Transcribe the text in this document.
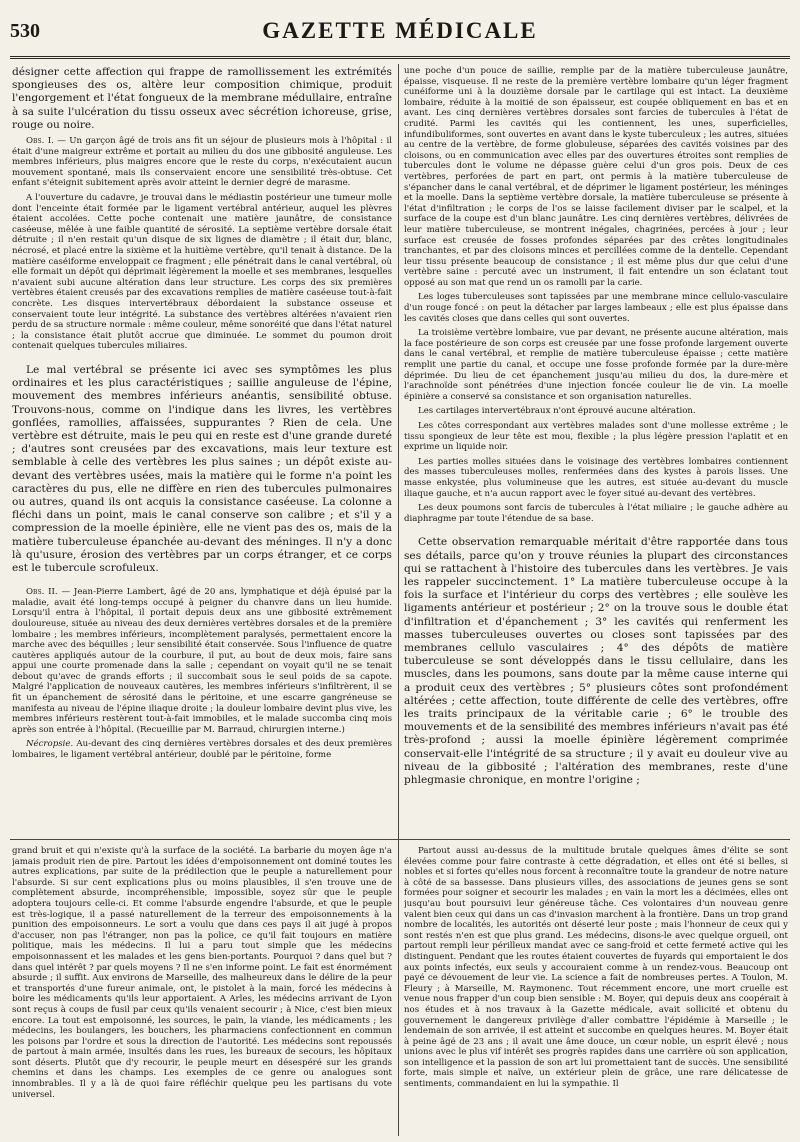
530	GAZETTE MÉDICALE

désigner cette affection qui frappe de ramollissement les extrémités spongieuses des os, altère leur composition chimique, produit l'engorgement et l'état fongueux de la membrane médullaire, entraîne à sa suite l'ulcération du tissu osseux avec sécrétion ichoreuse, grise, rouge ou noire.

Obs. I. — Un garçon âgé de trois ans fit un séjour de plusieurs mois à l'hôpital : il était d'une maigreur extrême et portait au milieu du dos une gibbosité anguleuse. Les membres inférieurs, plus maigres encore que le reste du corps, n'exécutaient aucun mouvement spontané, mais ils conservaient encore une sensibilité très-obtuse. Cet enfant s'éteignit subitement après avoir atteint le dernier degré de marasme.

A l'ouverture du cadavre, je trouvai dans le médiastin postérieur une tumeur molle dont l'enceinte était formée par le ligament vertébral antérieur, auquel les plèvres étaient accolées. Cette poche contenait une matière jaunâtre, de consistance caséeuse, mêlée à une faible quantité de sérosité. La septième vertèbre dorsale était détruite ; il n'en restait qu'un disque de six lignes de diamètre ; il était dur, blanc, nécrosé, et placé entre la sixième et la huitième vertèbre, qu'il tenait à distance. De la matière caséiforme enveloppait ce fragment ; elle pénétrait dans le canal vertébral, où elle formait un dépôt qui déprimait légèrement la moelle et ses membranes, lesquelles n'avaient subi aucune altération dans leur structure. Les corps des six premières vertèbres étaient creusés par des excavations remplies de matière caséeuse tout-à-fait concrète. Les disques intervertébraux débordaient la substance osseuse et conservaient toute leur intégrité. La substance des vertèbres altérées n'avaient rien perdu de sa structure normale : même couleur, même sonoréité que dans l'état naturel ; la consistance était plutôt accrue que diminuée. Le sommet du poumon droit contenait quelques tubercules miliaires.

Le mal vertébral se présente ici avec ses symptômes les plus ordinaires et les plus caractéristiques ; saillie anguleuse de l'épine, mouvement des membres inférieurs anéantis, sensibilité obtuse. Trouvons-nous, comme on l'indique dans les livres, les vertèbres gonflées, ramollies, affaissées, suppurantes ? Rien de cela. Une vertèbre est détruite, mais le peu qui en reste est d'une grande dureté ; d'autres sont creusées par des excavations, mais leur texture est semblable à celle des vertèbres les plus saines ; un dépôt existe au-devant des vertèbres usées, mais la matière qui le forme n'a point les caractères du pus, elle ne diffère en rien des tubercules pulmonaires ou autres, quand ils ont acquis la consistance caséeuse. La colonne a fléchi dans un point, mais le canal conserve son calibre ; et s'il y a compression de la moelle épinière, elle ne vient pas des os, mais de la matière tuberculeuse épanchée au-devant des méninges. Il n'y a donc là qu'usure, érosion des vertèbres par un corps étranger, et ce corps est le tubercule scrofuleux.

Obs. II. — Jean-Pierre Lambert, âgé de 20 ans, lymphatique et déjà épuisé par la maladie, avait été long-temps occupé à peigner du chanvre dans un lieu humide. Lorsqu'il entra à l'hôpital, il portait depuis deux ans une gibbosité extrêmement douloureuse, située au niveau des deux dernières vertèbres dorsales et de la première lombaire ; les membres inférieurs, incomplètement paralysés, permettaient encore la marche avec des béquilles ; leur sensibilité était conservée. Sous l'influence de quatre cautères appliqués autour de la courbure, il put, au bout de deux mois, faire sans appui une courte promenade dans la salle ; cependant on voyait qu'il ne se tenait debout qu'avec de grands efforts ; il succombait sous le seul poids de sa capote. Malgré l'application de nouveaux cautères, les membres inférieurs s'infiltrèrent, il se fit un épanchement de sérosité dans le péritoine, et une escarre gangréneuse se manifesta au niveau de l'épine iliaque droite ; la douleur lombaire devint plus vive, les membres inférieurs restèrent tout-à-fait immobiles, et le malade succomba cinq mois après son entrée à l'hôpital. (Recueillie par M. Barraud, chirurgien interne.)

Nécropsie. Au-devant des cinq dernières vertèbres dorsales et des deux premières lombaires, le ligament vertébral antérieur, doublé par le péritoine, forme

une poche d'un pouce de saillie, remplie par de la matière tuberculeuse jaunâtre, épaisse, visqueuse. Il ne reste de la première vertèbre lombaire qu'un léger fragment cunéiforme uni à la douzième dorsale par le cartilage qui est intact. La deuxième lombaire, réduite à la moitié de son épaisseur, est coupée obliquement en bas et en avant. Les cinq dernières vertèbres dorsales sont farcies de tubercules à l'état de crudité. Parmi les cavités qui les contiennent, les unes, superficielles, infundibuliformes, sont ouvertes en avant dans le kyste tuberculeux ; les autres, situées au centre de la vertèbre, de forme globuleuse, séparées des cavités voisines par des cloisons, ou en communication avec elles par des ouvertures étroites sont remplies de tubercules dont le volume ne dépasse guère celui d'un gros pois. Deux de ces vertèbres, perforées de part en part, ont permis à la matière tuberculeuse de s'épancher dans le canal vertébral, et de déprimer le ligament postérieur, les méninges et la moelle. Dans la septième vertèbre dorsale, la matière tuberculeuse se présente à l'état d'infiltration ; le corps de l'os se laisse facilement diviser par le scalpel, et la surface de la coupe est d'un blanc jaunâtre. Les cinq dernières vertèbres, délivrées de leur matière tuberculeuse, se montrent inégales, chagrinées, percées à jour ; leur surface est creusée de fosses profondes séparées par des crêtes longitudinales tranchantes, et par des cloisons minces et percillées comme de la dentelle. Cependant leur tissu présente beaucoup de consistance ; il est même plus dur que celui d'une vertèbre saine : percuté avec un instrument, il fait entendre un son éclatant tout opposé au son mat que rend un os ramolli par la carie.

Les loges tuberculeuses sont tapissées par une membrane mince cellulo-vasculaire d'un rouge foncé : on peut la détacher par larges lambeaux ; elle est plus épaisse dans les cavités closes que dans celles qui sont ouvertes.

La troisième vertèbre lombaire, vue par devant, ne présente aucune altération, mais la face postérieure de son corps est creusée par une fosse profonde largement ouverte dans le canal vertébral, et remplie de matière tuberculeuse épaisse ; cette matière remplit une partie du canal, et occupe une fosse profonde formée par la dure-mère déprimée. Du lieu de cet épanchement jusqu'au milieu du dos, la dure-mère et l'arachnoïde sont pénétrées d'une injection foncée couleur lie de vin. La moelle épinière a conservé sa consistance et son organisation naturelles.

Les cartilages intervertébraux n'ont éprouvé aucune altération.

Les côtes correspondant aux vertèbres malades sont d'une mollesse extrême ; le tissu spongieux de leur tête est mou, flexible ; la plus légère pression l'aplatit et en exprime un liquide noir.

Les parties molles situées dans le voisinage des vertèbres lombaires contiennent des masses tuberculeuses molles, renfermées dans des kystes à parois lisses. Une masse enkystée, plus volumineuse que les autres, est située au-devant du muscle iliaque gauche, et n'a aucun rapport avec le foyer situé au-devant des vertèbres.

Les deux poumons sont farcis de tubercules à l'état miliaire ; le gauche adhère au diaphragme par toute l'étendue de sa base.

Cette observation remarquable méritait d'être rapportée dans tous ses détails, parce qu'on y trouve réunies la plupart des circonstances qui se rattachent à l'histoire des tubercules dans les vertèbres. Je vais les rappeler succinctement. 1° La matière tuberculeuse occupe à la fois la surface et l'intérieur du corps des vertèbres ; elle soulève les ligaments antérieur et postérieur ; 2° on la trouve sous le double état d'infiltration et d'épanchement ; 3° les cavités qui renferment les masses tuberculeuses ouvertes ou closes sont tapissées par des membranes cellulo vasculaires ; 4° des dépôts de matière tuberculeuse se sont développés dans le tissu cellulaire, dans les muscles, dans les poumons, sans doute par la même cause interne qui a produit ceux des vertèbres ; 5° plusieurs côtes sont profondément altérées ; cette affection, toute différente de celle des vertèbres, offre les traits principaux de la véritable carie ; 6° le trouble des mouvements et de la sensibilité des membres inférieurs n'avait pas été très-profond ; aussi la moelle épinière légèrement comprimée conservait-elle l'intégrité de sa structure ; il y avait eu douleur vive au niveau de la gibbosité ; l'altération des membranes, reste d'une phlegmasie chronique, en montre l'origine ;

grand bruit et qui n'existe qu'à la surface de la société. La barbarie du moyen âge n'a jamais produit rien de pire. Partout les idées d'empoisonnement ont dominé toutes les autres explications, par suite de la prédilection que le peuple a naturellement pour l'absurde. Si sur cent explications plus ou moins plausibles, il s'en trouve une de complètement absurde, incompréhensible, impossible, soyez sûr que le peuple adoptera toujours celle-ci. Et comme l'absurde engendre l'absurde, et que le peuple est très-logique, il a passé naturellement de la terreur des empoisonnements à la punition des empoisonneurs. Le sort a voulu que dans ces pays il ait jugé à propos d'accuser, non pas l'étranger, non pas la police, ce qu'il fait toujours en matière politique, mais les médecins. Il lui a paru tout simple que les médecins empoisonnassent et les malades et les gens bien-portants. Pourquoi ? dans quel but ? dans quel intérêt ? par quels moyens ? Il ne s'en informe point. Le fait est énormément absurde ; il suffit. Aux environs de Marseille, des malheureux dans le délire de la peur et transportés d'une fureur animale, ont, le pistolet à la main, forcé les médecins à boire les médicaments qu'ils leur apportaient. A Arles, les médecins arrivant de Lyon sont reçus à coups de fusil par ceux qu'ils venaient secourir ; à Nice, c'est bien mieux encore. La tout est empoisonné, les sources, le pain, la viande, les médicaments ; les médecins, les boulangers, les bouchers, les pharmaciens confectionnent en commun les poisons par l'ordre et sous la direction de l'autorité. Les médecins sont repoussés de partout à main armée, insultés dans les rues, les bureaux de secours, les hôpitaux sont déserts. Plutôt que d'y recourir, le peuple meurt en désespéré sur les grands chemins et dans les champs. Les exemples de ce genre ou analogues sont innombrables. Il y a là de quoi faire réfléchir quelque peu les partisans du vote universel.

Partout aussi au-dessus de la multitude brutale quelques âmes d'élite se sont élevées comme pour faire contraste à cette dégradation, et elles ont été si belles, si nobles et si fortes qu'elles nous forcent à reconnaître toute la grandeur de notre nature à côté de sa bassesse. Dans plusieurs villes, des associations de jeunes gens se sont formées pour soigner et secourir les malades ; en vain la mort les a décimées, elles ont jusqu'au bout poursuivi leur généreuse tâche. Ces volontaires d'un nouveau genre valent bien ceux qui dans un cas d'invasion marchent à la frontière. Dans un trop grand nombre de localités, les autorités ont déserté leur poste ; mais l'honneur de ceux qui y sont restés n'en est que plus grand. Les médecins, disons-le avec quelque orgueil, ont partout rempli leur périlleux mandat avec ce sang-froid et cette fermeté active qui les distinguent. Pendant que les routes étaient couvertes de fuyards qui emportaient le dos aux points infectés, eux seuls y accouraient comme à un rendez-vous. Beaucoup ont payé ce dévouement de leur vie. La science a fait de nombreuses pertes. A Toulon, M. Fleury ; à Marseille, M. Raymonenc. Tout récemment encore, une mort cruelle est venue nous frapper d'un coup bien sensible : M. Boyer, qui depuis deux ans coopérait à nos études et à nos travaux à la Gazette médicale, avait sollicité et obtenu du gouvernement le dangereux privilège d'aller combattre l'épidémie à Marseille ; le lendemain de son arrivée, il est atteint et succombe en quelques heures. M. Boyer était à peine âgé de 23 ans ; il avait une âme douce, un cœur noble, un esprit élevé ; nous unions avec le plus vif intérêt ses progrès rapides dans une carrière où son application, son intelligence et la passion de son art lui promettaient tant de succès. Une sensibilité forte, mais simple et naïve, un extérieur plein de grâce, une rare délicatesse de sentiments, commandaient en lui la sympathie. Il
